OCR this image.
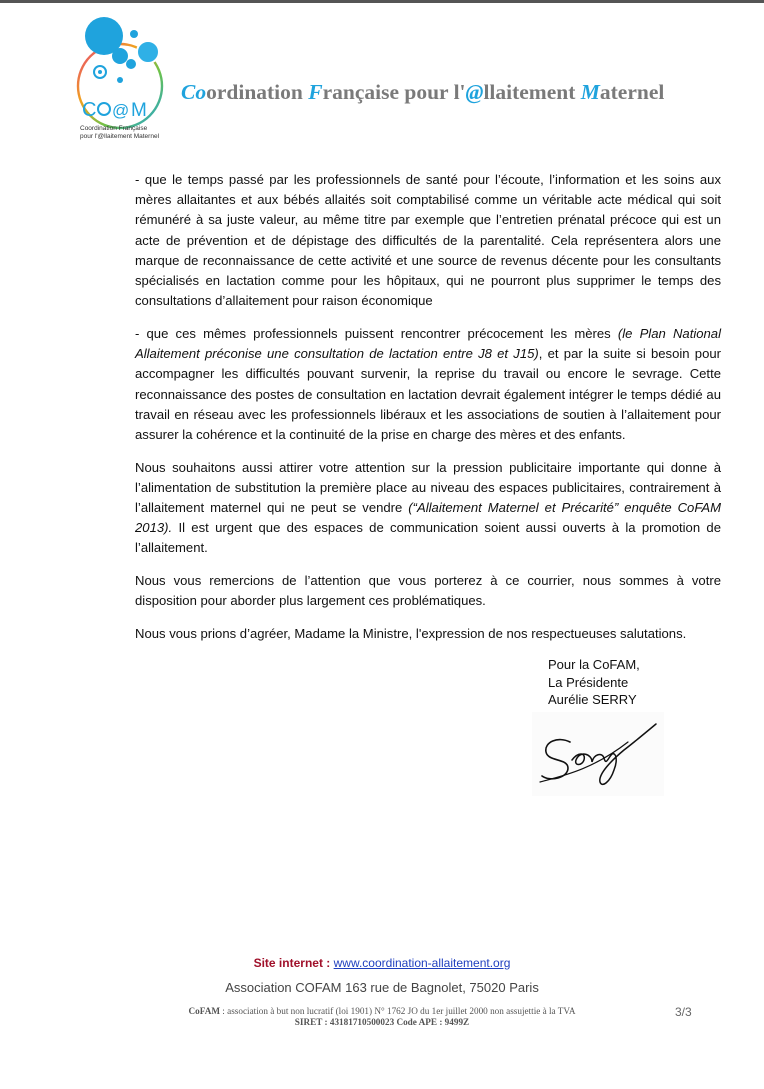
C @ M
Coordination Française
pour l'@llaitement Maternel
Coordination Française pour l'@llaitement Maternel

- que le temps passé par les professionnels de santé pour l’écoute, l’information et les soins aux mères allaitantes et aux bébés allaités soit comptabilisé comme un véritable acte médical qui soit rémunéré à sa juste valeur, au même titre par exemple que l’entretien prénatal précoce qui est un acte de prévention et de dépistage des difficultés de la parentalité. Cela représentera alors une marque de reconnaissance de cette activité et une source de revenus décente pour les consultants spécialisés en lactation comme pour les hôpitaux, qui ne pourront plus supprimer le temps des consultations d’allaitement pour raison économique

- que ces mêmes professionnels puissent rencontrer précocement les mères (le Plan National Allaitement préconise une consultation de lactation entre J8 et J15), et par la suite si besoin pour accompagner les difficultés pouvant survenir, la reprise du travail ou encore le sevrage. Cette reconnaissance des postes de consultation en lactation devrait également intégrer le temps dédié au travail en réseau avec les professionnels libéraux et les associations de soutien à l’allaitement pour assurer la cohérence et la continuité de la prise en charge des mères et des enfants.

Nous souhaitons aussi attirer votre attention sur la pression publicitaire importante qui donne à l’alimentation de substitution la première place au niveau des espaces publicitaires, contrairement à l’allaitement maternel qui ne peut se vendre (“Allaitement Maternel et Précarité” enquête CoFAM 2013). Il est urgent que des espaces de communication soient aussi ouverts à la promotion de l’allaitement.

Nous vous remercions de l’attention que vous porterez à ce courrier, nous sommes à votre disposition pour aborder plus largement ces problématiques.

Nous vous prions d’agréer, Madame la Ministre, l'expression de nos respectueuses salutations.

Pour la CoFAM,
La Présidente
Aurélie SERRY
Site internet : www.coordination-allaitement.org
Association COFAM 163 rue de Bagnolet, 75020 Paris
CoFAM : association à but non lucratif (loi 1901) N° 1762 JO du 1er juillet 2000 non assujettie à la TVA
SIRET : 43181710500023 Code APE : 9499Z
3/3
